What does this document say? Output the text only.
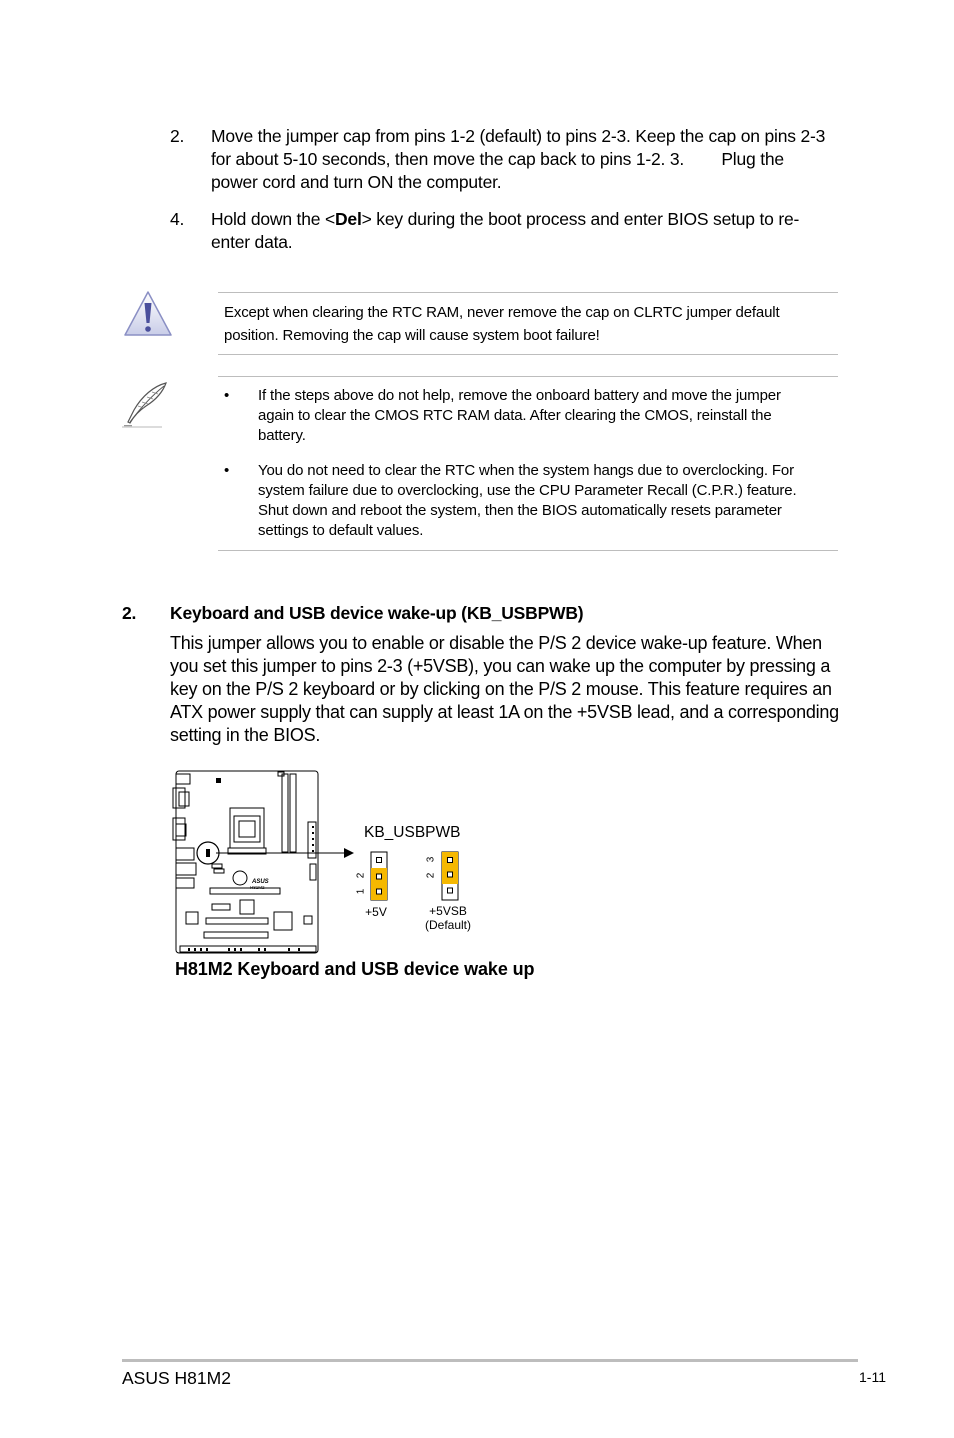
2. Move the jumper cap from pins 1-2 (default) to pins 2-3. Keep the cap on pins 2-3
for about 5-10 seconds, then move the cap back to pins 1-2. 3.        Plug the
power cord and turn ON the computer.
4. Hold down the <Del> key during the boot process and enter BIOS setup to re-
enter data.
Except when clearing the RTC RAM, never remove the cap on CLRTC jumper default
position. Removing the cap will cause system boot failure!
• If the steps above do not help, remove the onboard battery and move the jumper
again to clear the CMOS RTC RAM data. After clearing the CMOS, reinstall the
battery.
• You do not need to clear the RTC when the system hangs due to overclocking. For
system failure due to overclocking, use the CPU Parameter Recall (C.P.R.) feature.
Shut down and reboot the system, then the BIOS automatically resets parameter
settings to default values.
2. Keyboard and USB device wake-up (KB_USBPWB)
This jumper allows you to enable or disable the P/S 2 device wake-up feature. When
you set this jumper to pins 2-3 (+5VSB), you can wake up the computer by pressing a
key on the P/S 2 keyboard or by clicking on the P/S 2 mouse. This feature requires an
ATX power supply that can supply at least 1A on the +5VSB lead, and a corresponding
setting in the BIOS.
ASUS
H81M2
KB_USBPWB
1
2
+5V
3
2
+5VSB
(Default)
H81M2 Keyboard and USB device wake up
ASUS H81M2	1-11
